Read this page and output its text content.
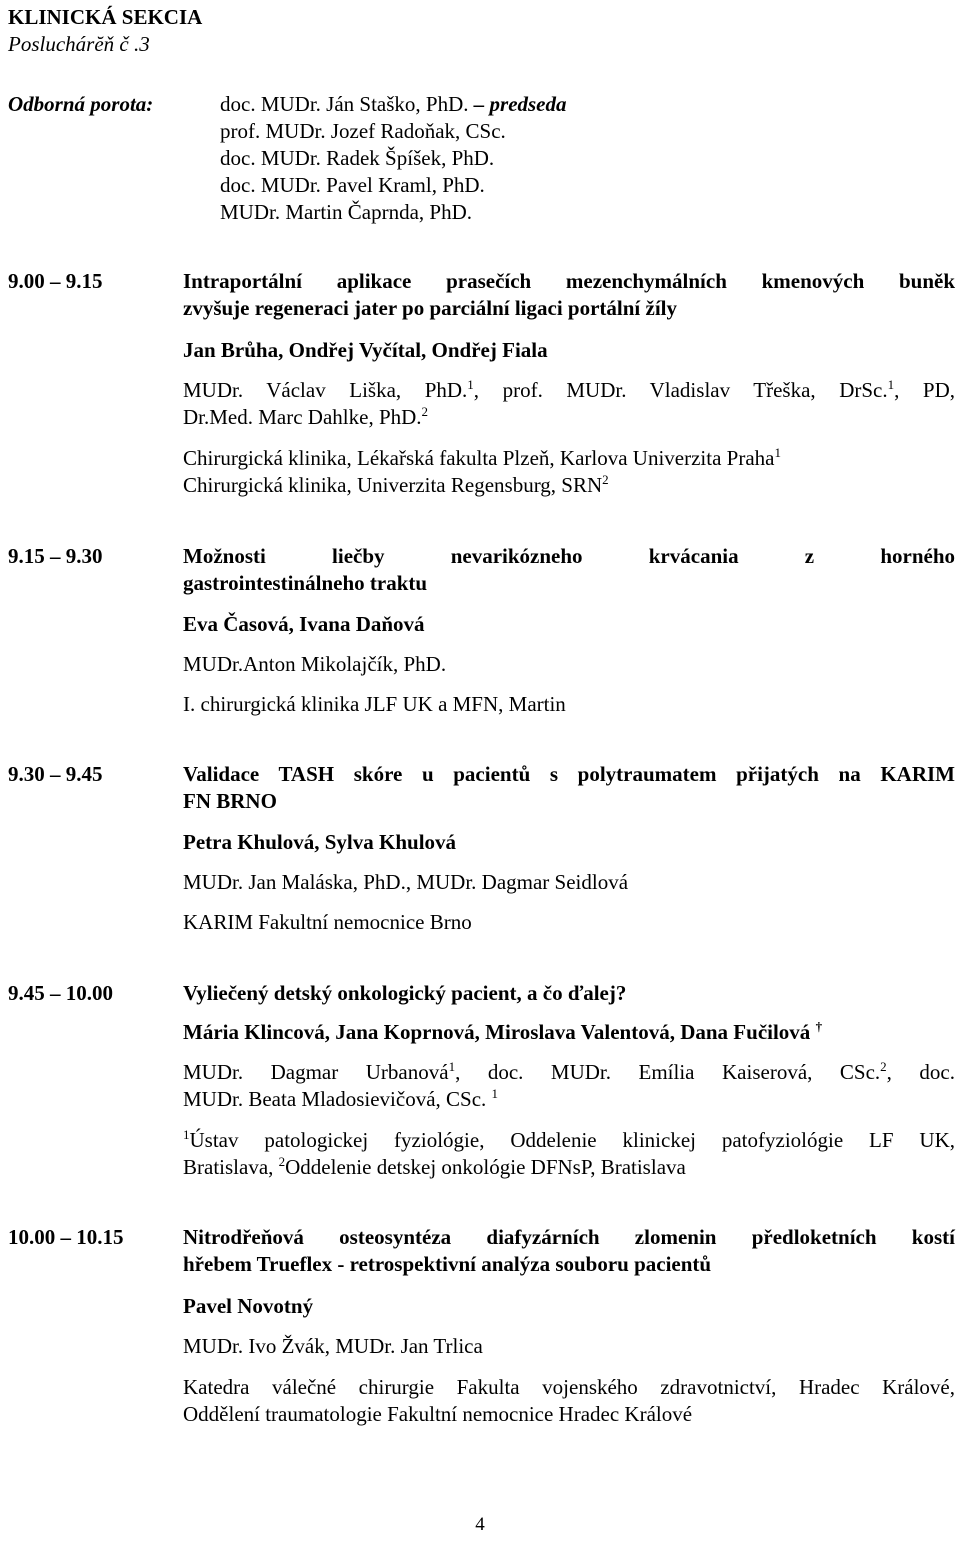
KLINICKÁ SEKCIA
Posluchárĕň č .3
Odborná porota:	doc. MUDr. Ján Staško, PhD. – predseda
prof. MUDr. Jozef Radoňak, CSc.
doc. MUDr. Radek Špíšek, PhD.
doc. MUDr. Pavel Kraml, PhD.
MUDr. Martin Čaprnda, PhD.
9.00 – 9.15	Intraportální aplikace prasečích mezenchymálních kmenových buněk
zvyšuje regeneraci jater po parciální ligaci portální žíly
Jan Brůha, Ondřej Vyčítal, Ondřej Fiala
MUDr. Václav Liška, PhD.$^1$, prof. MUDr. Vladislav Třeška, DrSc.$^1$, PD,
Dr.Med. Marc Dahlke, PhD.$^2$
Chirurgická klinika, Lékařská fakulta Plzeň, Karlova Univerzita Praha$^1$
Chirurgická klinika, Univerzita Regensburg, SRN$^2$
9.15 – 9.30	Možnosti liečby nevarikózneho krvácania z horného
gastrointestinálneho traktu
Eva Časová, Ivana Daňová
MUDr.Anton Mikolajčík, PhD.
I. chirurgická klinika JLF UK a MFN, Martin
9.30 – 9.45	Validace TASH skóre u pacientů s polytraumatem přijatých na KARIM
FN BRNO
Petra Khulová, Sylva Khulová
MUDr. Jan Maláska, PhD., MUDr. Dagmar Seidlová
KARIM Fakultní nemocnice Brno
9.45 – 10.00	Vyliečený detský onkologický pacient, a čo ďalej?
Mária Klincová, Jana Koprnová, Miroslava Valentová, Dana Fučilová †
MUDr. Dagmar Urbanová$^1$, doc. MUDr. Emília Kaiserová, CSc.$^2$, doc.
MUDr. Beata Mladosievičová, CSc. $^1$
$^1$Ústav patologickej fyziológie, Oddelenie klinickej patofyziológie LF UK,
Bratislava, $^2$Oddelenie detskej onkológie DFNsP, Bratislava
10.00 – 10.15	Nitrodřeňová osteosyntéza diafyzárních zlomenin předloketních kostí
hřebem Trueflex - retrospektivní analýza souboru pacientů
Pavel Novotný
MUDr. Ivo Žvák, MUDr. Jan Trlica
Katedra válečné chirurgie Fakulta vojenského zdravotnictví, Hradec Králové,
Oddělení traumatologie Fakultní nemocnice Hradec Králové
4
